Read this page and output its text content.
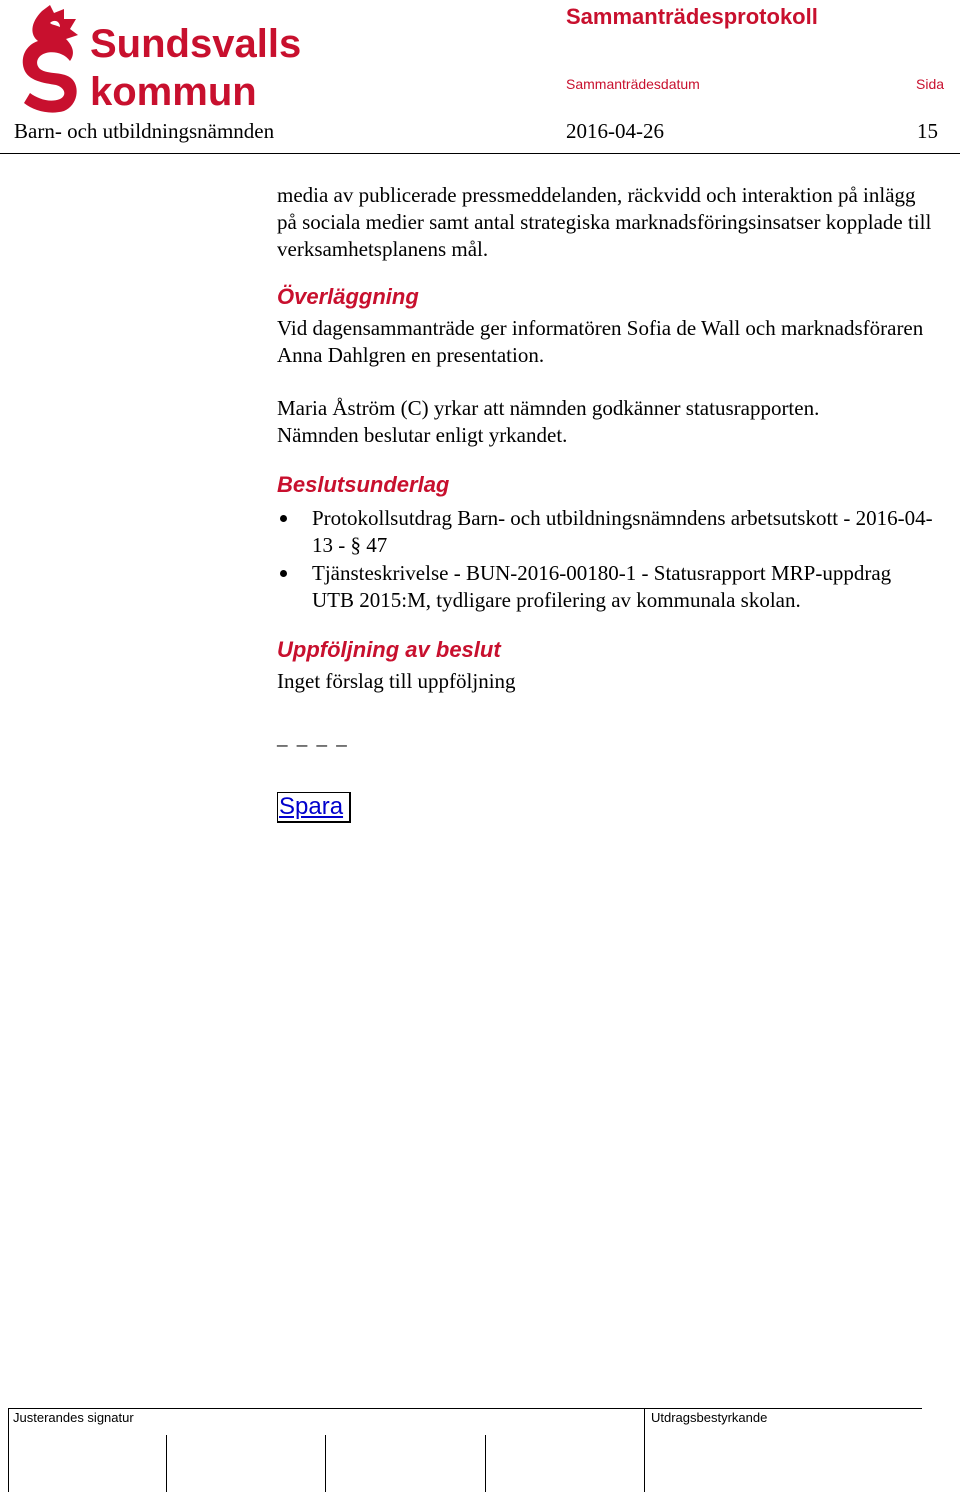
Sundsvalls
kommun
Sammanträdesprotokoll
Sammanträdesdatum	Sida
Barn- och utbildningsnämnden	2016-04-26	15

media av publicerade pressmeddelanden, räckvidd och interaktion på inlägg på sociala medier samt antal strategiska marknadsföringsinsatser kopplade till verksamhetsplanens mål.

Överläggning

Vid dagensammanträde ger informatören Sofia de Wall och marknadsföraren Anna Dahlgren en presentation.

Maria Åström (C) yrkar att nämnden godkänner statusrapporten.

Nämnden beslutar enligt yrkandet.

Beslutsunderlag

Protokollsutdrag Barn- och utbildningsnämndens arbetsutskott - 2016-04-13 - § 47
Tjänsteskrivelse - BUN-2016-00180-1 - Statusrapport MRP-uppdrag UTB 2015:M, tydligare profilering av kommunala skolan.

Uppföljning av beslut

Inget förslag till uppföljning

_ _ _ _
Spara
Justerandes signatur	Utdragsbestyrkande
